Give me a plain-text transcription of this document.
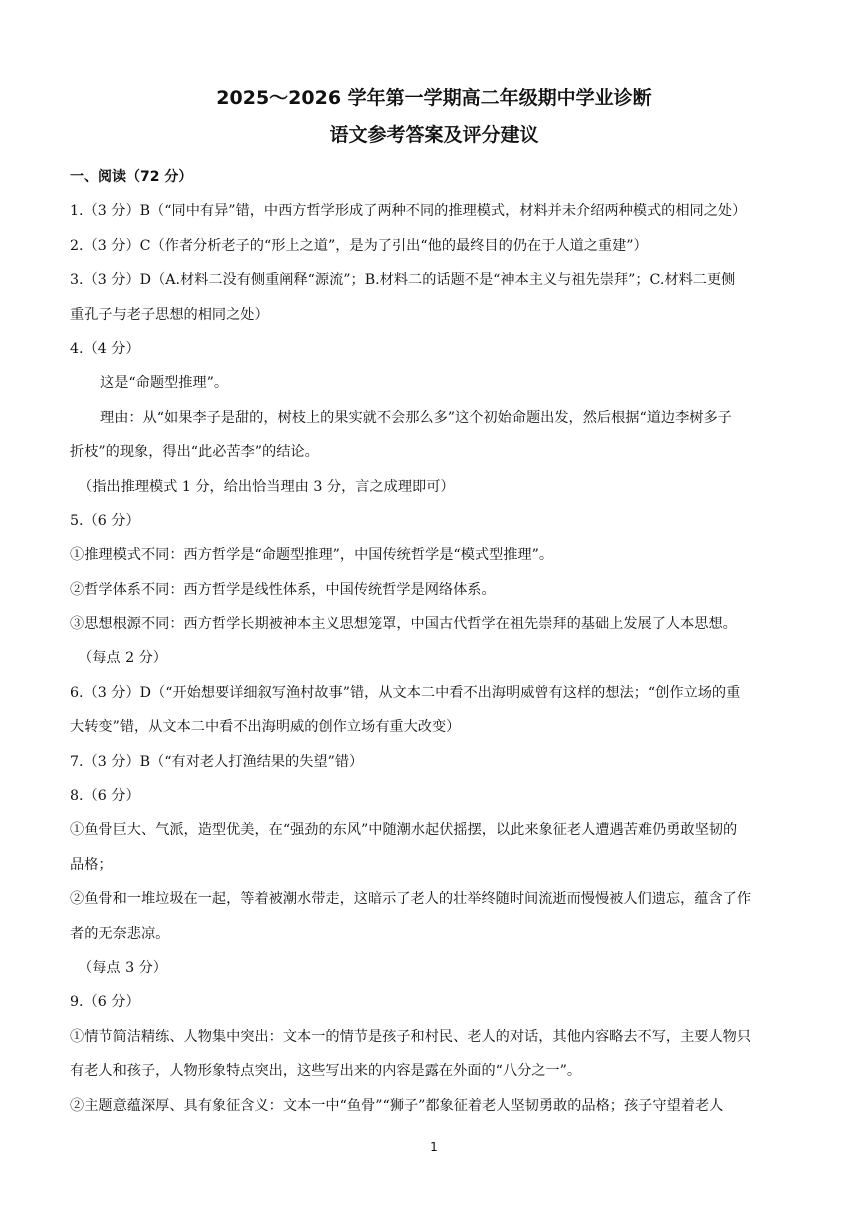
2025～2026 学年第一学期高二年级期中学业诊断
语文参考答案及评分建议
一、阅读（72 分）
1.（3 分）B（“同中有异”错，中西方哲学形成了两种不同的推理模式，材料并未介绍两种模式的相同之处）
2.（3 分）C（作者分析老子的“形上之道”，是为了引出“他的最终目的仍在于人道之重建”）
3.（3 分）D（A.材料二没有侧重阐释“源流”；B.材料二的话题不是“神本主义与祖先崇拜”；C.材料二更侧
重孔子与老子思想的相同之处）
4.（4 分）
这是“命题型推理”。
理由：从“如果李子是甜的，树枝上的果实就不会那么多”这个初始命题出发，然后根据“道边李树多子
折枝”的现象，得出“此必苦李”的结论。
（指出推理模式 1 分，给出恰当理由 3 分，言之成理即可）
5.（6 分）
①推理模式不同：西方哲学是“命题型推理”，中国传统哲学是“模式型推理”。
②哲学体系不同：西方哲学是线性体系，中国传统哲学是网络体系。
③思想根源不同：西方哲学长期被神本主义思想笼罩，中国古代哲学在祖先崇拜的基础上发展了人本思想。
（每点 2 分）
6.（3 分）D（“开始想要详细叙写渔村故事”错，从文本二中看不出海明威曾有这样的想法；“创作立场的重
大转变”错，从文本二中看不出海明威的创作立场有重大改变）
7.（3 分）B（“有对老人打渔结果的失望”错）
8.（6 分）
①鱼骨巨大、气派，造型优美，在“强劲的东风”中随潮水起伏摇摆，以此来象征老人遭遇苦难仍勇敢坚韧的
品格；
②鱼骨和一堆垃圾在一起，等着被潮水带走，这暗示了老人的壮举终随时间流逝而慢慢被人们遗忘，蕴含了作
者的无奈悲凉。
（每点 3 分）
9.（6 分）
①情节简洁精练、人物集中突出：文本一的情节是孩子和村民、老人的对话，其他内容略去不写，主要人物只
有老人和孩子，人物形象特点突出，这些写出来的内容是露在外面的“八分之一”。
②主题意蕴深厚、具有象征含义：文本一中“鱼骨”“狮子”都象征着老人坚韧勇敢的品格；孩子守望着老人
1
